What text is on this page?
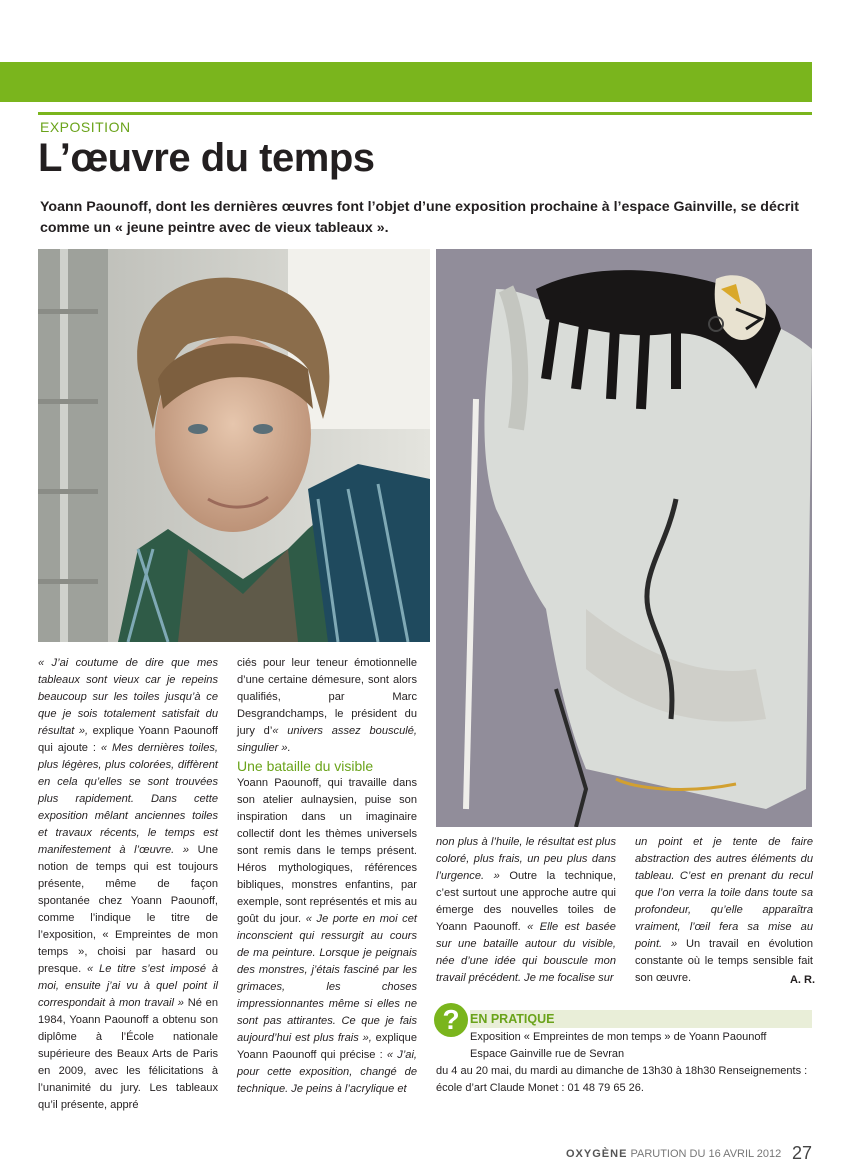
EXPOSITION
L’œuvre du temps
Yoann Paounoff, dont les dernières œuvres font l’objet d’une exposition prochaine à l’espace Gainville, se décrit comme un « jeune peintre avec de vieux tableaux ».

« J’ai coutume de dire que mes tableaux sont vieux car je repeins beaucoup sur les toiles jusqu’à ce que je sois totalement satisfait du résultat », explique Yoann Paounoff qui ajoute : « Mes dernières toiles, plus légères, plus colorées, diffèrent en cela qu’elles se sont trouvées plus rapidement. Dans cette exposition mêlant anciennes toiles et travaux récents, le temps est manifestement à l’œuvre. » Une notion de temps qui est toujours présente, même de façon spontanée chez Yoann Paounoff, comme l’indique le titre de l’exposition, « Empreintes de mon temps », choisi par hasard ou presque. « Le titre s’est imposé à moi, ensuite j’ai vu à quel point il correspondait à mon travail » Né en 1984, Yoann Paounoff a obtenu son diplôme à l’École nationale supérieure des Beaux Arts de Paris en 2009, avec les félicitations à l’unanimité du jury. Les tableaux qu’il présente, appré

ciés pour leur teneur émotionnelle d’une certaine démesure, sont alors qualifiés, par Marc Desgrandchamps, le président du jury d’« univers assez bousculé, singulier ».

Une bataille du visible

Yoann Paounoff, qui travaille dans son atelier aulnaysien, puise son inspiration dans un imaginaire collectif dont les thèmes universels sont remis dans le temps présent. Héros mythologiques, références bibliques, monstres enfantins, par exemple, sont représentés et mis au goût du jour. « Je porte en moi cet inconscient qui ressurgit au cours de ma peinture. Lorsque je peignais des monstres, j’étais fasciné par les grimaces, les choses impressionnantes même si elles ne sont pas attirantes. Ce que je fais aujourd’hui est plus frais », explique Yoann Paounoff qui précise : « J’ai, pour cette exposition, changé de technique. Je peins à l’acrylique et

non plus à l’huile, le résultat est plus coloré, plus frais, un peu plus dans l’urgence. » Outre la technique, c’est surtout une approche autre qui émerge des nouvelles toiles de Yoann Paounoff. « Elle est basée sur une bataille autour du visible, née d’une idée qui bouscule mon travail précédent. Je me focalise sur

un point et je tente de faire abstraction des autres éléments du tableau. C’est en prenant du recul que l’on verra la toile dans toute sa profondeur, qu’elle apparaîtra vraiment, l’œil fera sa mise au point. » Un travail en évolution constante où le temps sensible fait son œuvre.	A. R.
? EN PRATIQUE
Exposition « Empreintes de mon temps » de Yoann Paounoff
Espace Gainville rue de Sevran
du 4 au 20 mai, du mardi au dimanche de 13h30 à 18h30 Renseignements :
école d’art Claude Monet : 01 48 79 65 26.
OXYGÈNE PARUTION DU 16 AVRIL 2012 27
